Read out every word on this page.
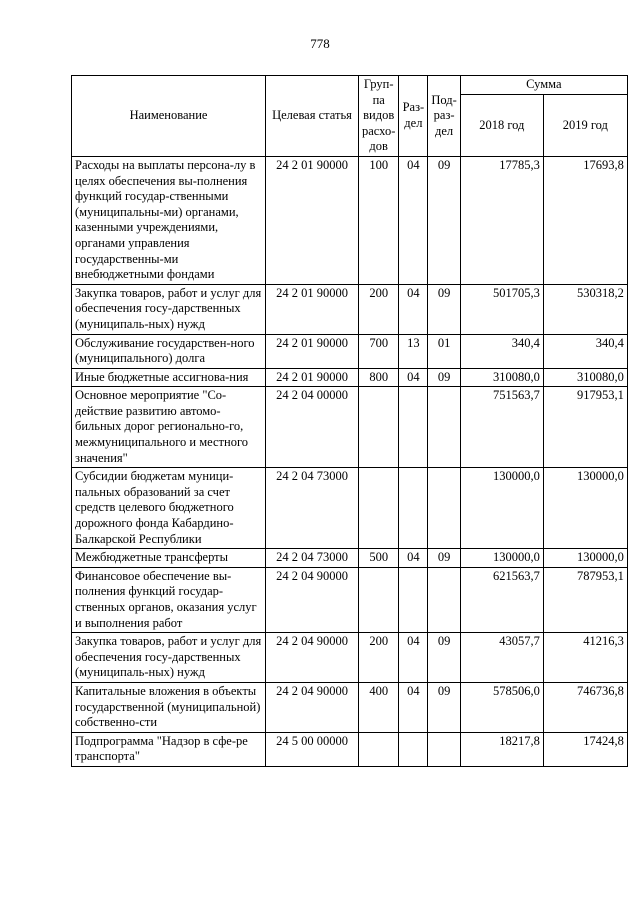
778
Наименование	Целевая статья	Груп-па видов расхо-дов	Раз-дел	Под-раз-дел	Сумма	
					2018 год	2019 год
Расходы на выплаты персона-лу в целях обеспечения вы-полнения функций государ-ственными (муниципальны-ми) органами, казенными учреждениями, органами управления государственны-ми внебюджетными фондами	24 2 01 90000	100	04	09	17785,3	17693,8
Закупка товаров, работ и услуг для обеспечения госу-дарственных (муниципаль-ных) нужд	24 2 01 90000	200	04	09	501705,3	530318,2
Обслуживание государствен-ного (муниципального) долга	24 2 01 90000	700	13	01	340,4	340,4
Иные бюджетные ассигнова-ния	24 2 01 90000	800	04	09	310080,0	310080,0
Основное мероприятие "Со-действие развитию автомо-бильных дорог регионально-го, межмуниципального и местного значения"	24 2 04 00000				751563,7	917953,1
Субсидии бюджетам муници-пальных образований за счет средств целевого бюджетного дорожного фонда Кабардино-Балкарской Республики	24 2 04 73000				130000,0	130000,0
Межбюджетные трансферты	24 2 04 73000	500	04	09	130000,0	130000,0
Финансовое обеспечение вы-полнения функций государ-ственных органов, оказания услуг и выполнения работ	24 2 04 90000				621563,7	787953,1
Закупка товаров, работ и услуг для обеспечения госу-дарственных (муниципаль-ных) нужд	24 2 04 90000	200	04	09	43057,7	41216,3
Капитальные вложения в объекты государственной (муниципальной) собственно-сти	24 2 04 90000	400	04	09	578506,0	746736,8
Подпрограмма "Надзор в сфе-ре транспорта"	24 5 00 00000				18217,8	17424,8
